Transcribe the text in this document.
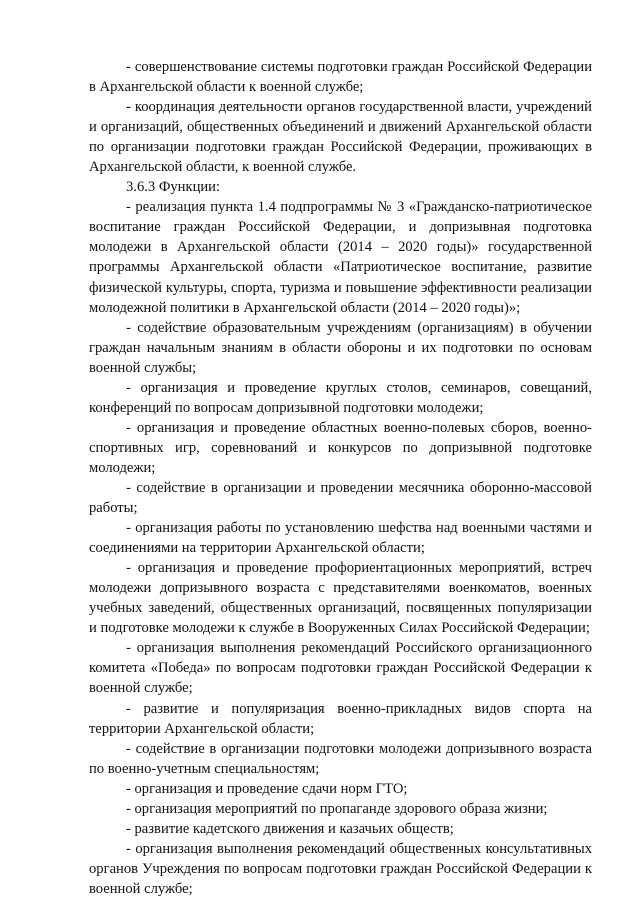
- совершенствование системы подготовки граждан Российской Федерации в Архангельской области к военной службе;

- координация деятельности органов государственной власти, учреждений и организаций, общественных объединений и движений Архангельской области по организации подготовки граждан Российской Федерации, проживающих в Архангельской области, к военной службе.

3.6.3 Функции:

- реализация пункта 1.4 подпрограммы № 3 «Гражданско-патриотическое воспитание граждан Российской Федерации, и допризывная подготовка молодежи в Архангельской области (2014 – 2020 годы)» государственной программы Архангельской области «Патриотическое воспитание, развитие физической культуры, спорта, туризма и повышение эффективности реализации молодежной политики в Архангельской области (2014 – 2020 годы)»;

- содействие образовательным учреждениям (организациям) в обучении граждан начальным знаниям в области обороны и их подготовки по основам военной службы;

- организация и проведение круглых столов, семинаров, совещаний, конференций по вопросам допризывной подготовки молодежи;

- организация и проведение областных военно-полевых сборов, военно-спортивных игр, соревнований и конкурсов по допризывной подготовке молодежи;

- содействие в организации и проведении месячника оборонно-массовой работы;

- организация работы по установлению шефства над военными частями и соединениями на территории Архангельской области;

- организация и проведение профориентационных мероприятий, встреч молодежи допризывного возраста с представителями военкоматов, военных учебных заведений, общественных организаций, посвященных популяризации и подготовке молодежи к службе в Вооруженных Силах Российской Федерации;

- организация выполнения рекомендаций Российского организационного комитета «Победа» по вопросам подготовки граждан Российской Федерации к военной службе;

- развитие и популяризация военно-прикладных видов спорта на территории Архангельской области;

- содействие в организации подготовки молодежи допризывного возраста по военно-учетным специальностям;

- организация и проведение сдачи норм ГТО;

- организация мероприятий по пропаганде здорового образа жизни;

- развитие кадетского движения и казачьих обществ;

- организация выполнения рекомендаций общественных консультативных органов Учреждения по вопросам подготовки граждан Российской Федерации к военной службе;
